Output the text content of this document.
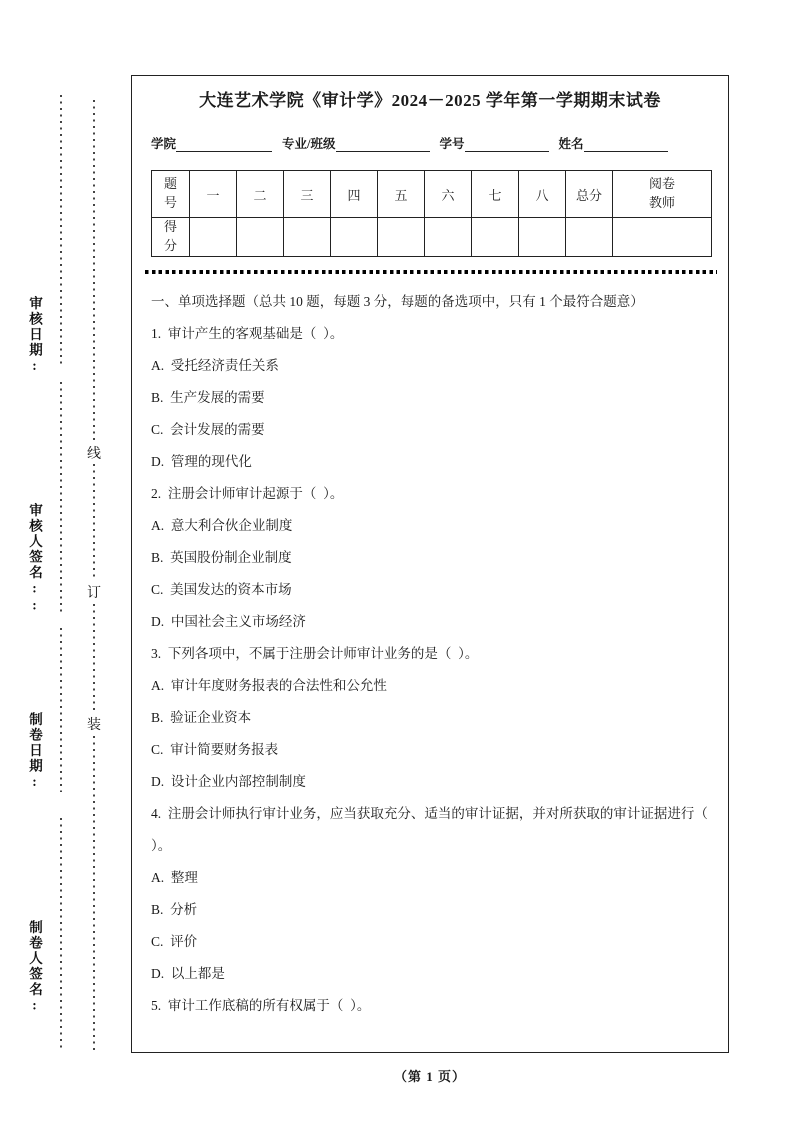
审核日期:
审核人签名::
制卷日期:
制卷人签名:
线
订
装
大连艺术学院《审计学》2024－2025 学年第一学期期末试卷
学院	专业/班级	学号	姓名
题号	一	二	三	四	五	六	七	八	总分	阅卷教师
得分										
一、单项选择题（总共 10 题，每题 3 分，每题的备选项中，只有 1 个最符合题意）
1.  审计产生的客观基础是（  ）。
A.  受托经济责任关系
B.  生产发展的需要
C.  会计发展的需要
D.  管理的现代化
2.  注册会计师审计起源于（  ）。
A.  意大利合伙企业制度
B.  英国股份制企业制度
C.  美国发达的资本市场
D.  中国社会主义市场经济
3.  下列各项中，不属于注册会计师审计业务的是（  ）。
A.  审计年度财务报表的合法性和公允性
B.  验证企业资本
C.  审计简要财务报表
D.  设计企业内部控制制度
4.  注册会计师执行审计业务，应当获取充分、适当的审计证据，并对所获取的审计证据进行（  ）。
A.  整理
B.  分析
C.  评价
D.  以上都是
5.  审计工作底稿的所有权属于（  ）。
（第 1 页）
